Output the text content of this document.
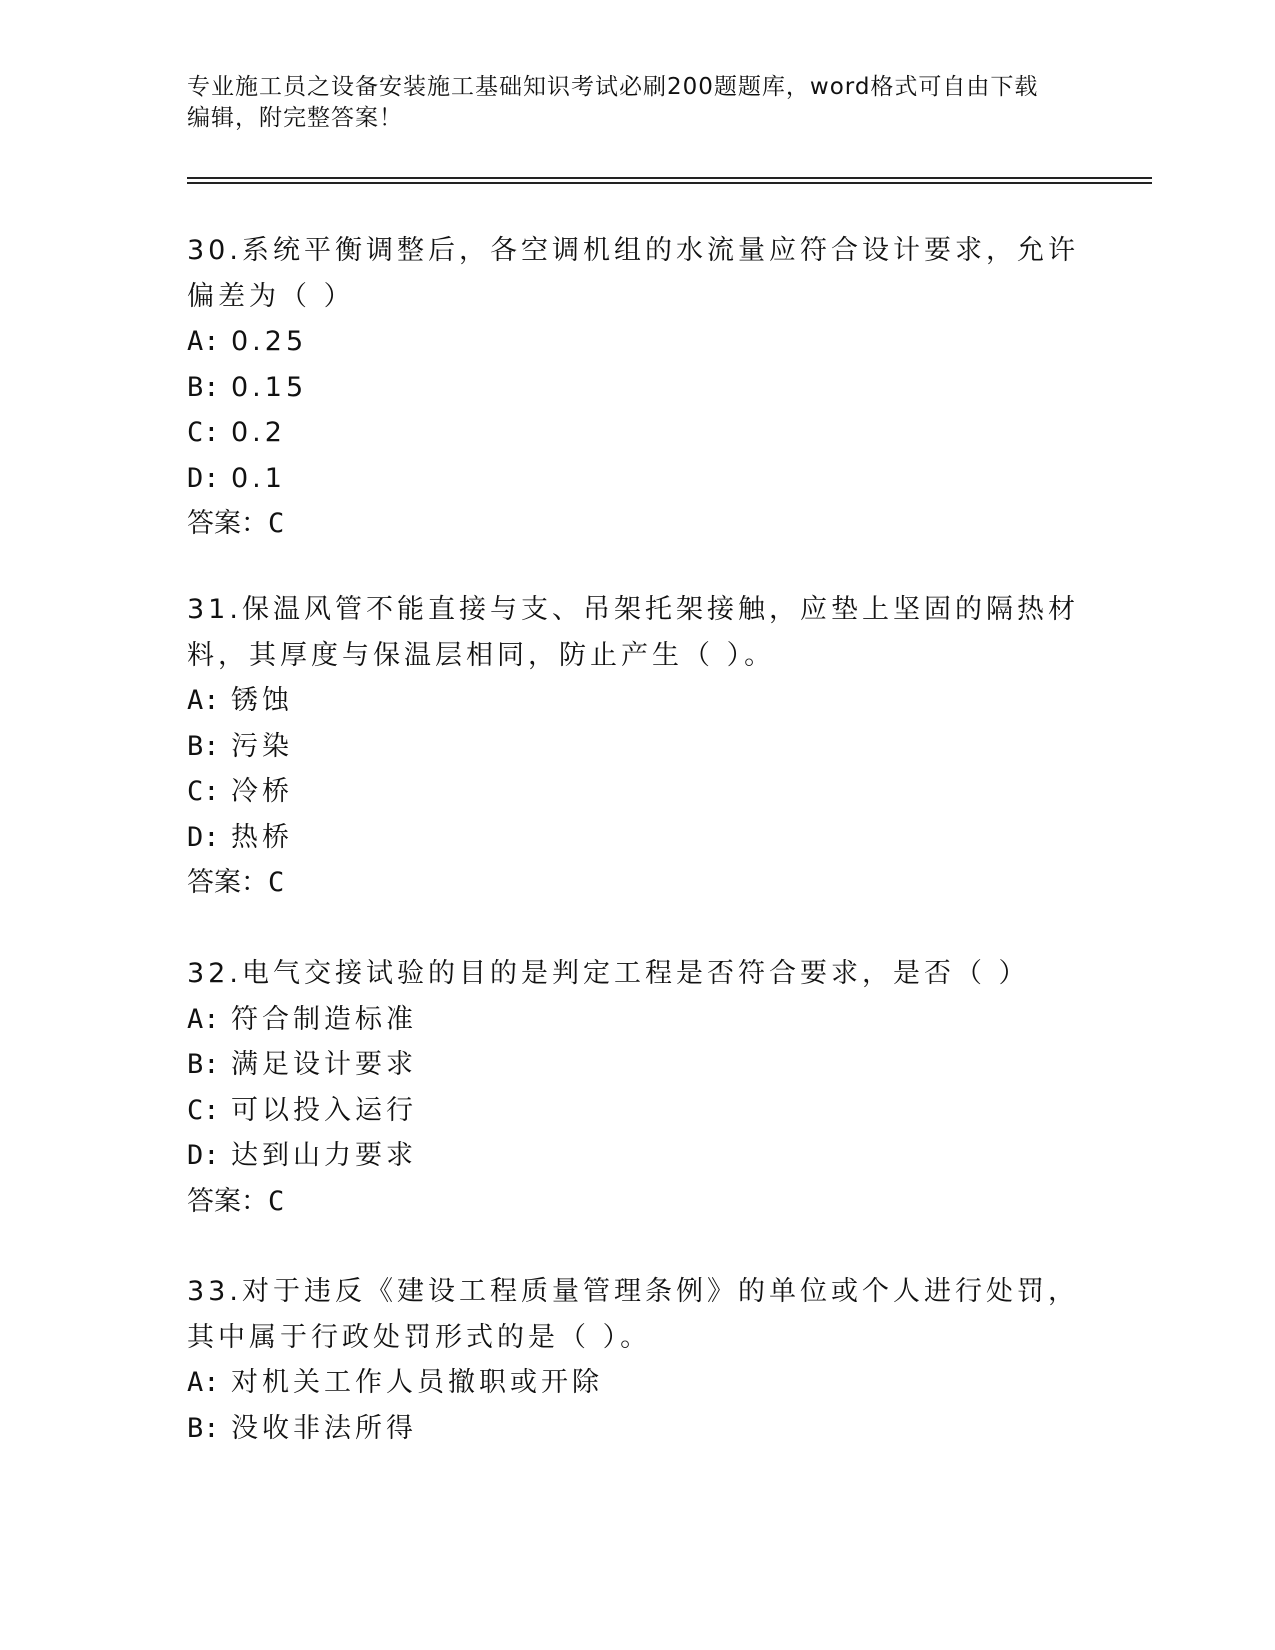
专业施工员之设备安装施工基础知识考试必刷200题题库，word格式可自由下载
编辑，附完整答案！

30.系统平衡调整后，各空调机组的水流量应符合设计要求，允许偏差为（ ）

A: 0.25

B: 0.15

C: 0.2

D: 0.1

答案：C

31.保温风管不能直接与支、吊架托架接触，应垫上坚固的隔热材料，其厚度与保温层相同，防止产生（ ）。

A: 锈蚀

B: 污染

C: 冷桥

D: 热桥

答案：C

32.电气交接试验的目的是判定工程是否符合要求，是否（ ）

A: 符合制造标准

B: 满足设计要求

C: 可以投入运行

D: 达到山力要求

答案：C

33.对于违反《建设工程质量管理条例》的单位或个人进行处罚，其中属于行政处罚形式的是（ ）。

A: 对机关工作人员撤职或开除

B: 没收非法所得
